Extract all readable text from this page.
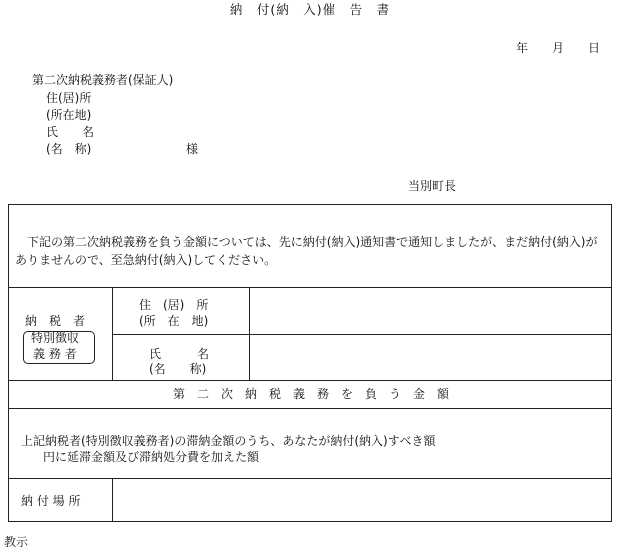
納　付(納　入)催　告　書
年　　月　　日
第二次納税義務者(保証人)
住(居)所
(所在地)
氏　　名
(名　称)	様
当別町長
下記の第二次納税義務を負う金額については、先に納付(納入)通知書で通知しましたが、まだ納付(納入)がありませんので、至急納付(納入)してください。
納　税　者
特別徴収
義 務 者
住　(居)　所
(所　在　地)
氏　　　名
(名　　称)
第　二　次　納　税　義　務　を　負　う　金　額
上記納税者(特別徴収義務者)の滞納金額のうち、あなたが納付(納入)すべき額
円に延滞金額及び滞納処分費を加えた額
納 付 場 所
教示
